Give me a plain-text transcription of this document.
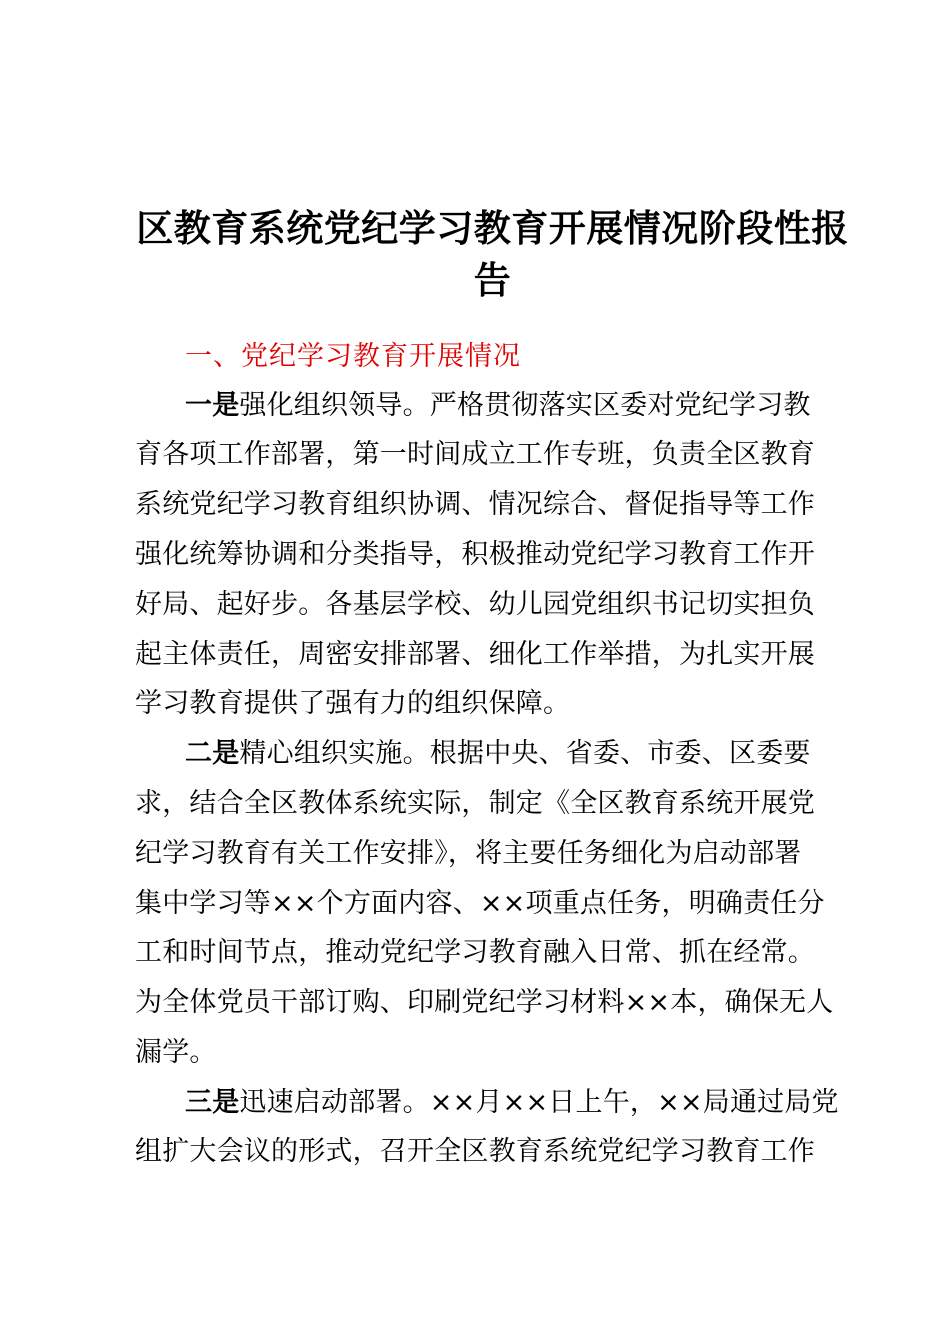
区教育系统党纪学习教育开展情况阶段性报
告
一、党纪学习教育开展情况
一是强化组织领导。严格贯彻落实区委对党纪学习教
育各项工作部署，第一时间成立工作专班，负责全区教育
系统党纪学习教育组织协调、情况综合、督促指导等工作
强化统筹协调和分类指导，积极推动党纪学习教育工作开
好局、起好步。各基层学校、幼儿园党组织书记切实担负
起主体责任，周密安排部署、细化工作举措，为扎实开展
学习教育提供了强有力的组织保障。
二是精心组织实施。根据中央、省委、市委、区委要
求，结合全区教体系统实际，制定《全区教育系统开展党
纪学习教育有关工作安排》，将主要任务细化为启动部署
集中学习等××个方面内容、××项重点任务，明确责任分
工和时间节点，推动党纪学习教育融入日常、抓在经常。
为全体党员干部订购、印刷党纪学习材料××本，确保无人
漏学。
三是迅速启动部署。××月××日上午，××局通过局党
组扩大会议的形式，召开全区教育系统党纪学习教育工作
